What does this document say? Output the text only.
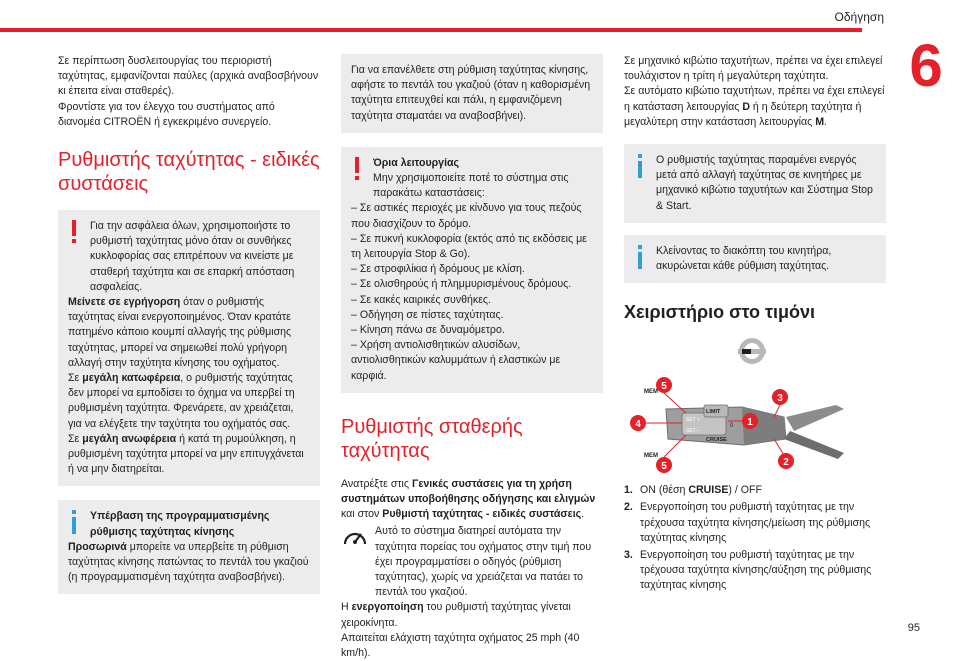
Οδήγηση
6

Σε περίπτωση δυσλειτουργίας του περιοριστή ταχύτητας, εμφανίζονται παύλες (αρχικά αναβοσβήνουν κι έπειτα είναι σταθερές).

Φροντίστε για τον έλεγχο του συστήματος από διανομέα CITROËN ή εγκεκριμένο συνεργείο.

Ρυθμιστής ταχύτητας - ειδικές συστάσεις

Για την ασφάλεια όλων, χρησιμοποιήστε το ρυθμιστή ταχύτητας μόνο όταν οι συνθήκες κυκλοφορίας σας επιτρέπουν να κινείστε με σταθερή ταχύτητα και σε επαρκή απόσταση ασφαλείας.

Μείνετε σε εγρήγορση όταν ο ρυθμιστής ταχύτητας είναι ενεργοποιημένος. Όταν κρατάτε πατημένο κάποιο κουμπί αλλαγής της ρύθμισης ταχύτητας, μπορεί να σημειωθεί πολύ γρήγορη αλλαγή στην ταχύτητα κίνησης του οχήματος.

Σε μεγάλη κατωφέρεια, ο ρυθμιστής ταχύτητας δεν μπορεί να εμποδίσει το όχημα να υπερβεί τη ρυθμισμένη ταχύτητα. Φρενάρετε, αν χρειάζεται, για να ελέγξετε την ταχύτητα του οχήματός σας.

Σε μεγάλη ανωφέρεια ή κατά τη ρυμούλκηση, η ρυθμισμένη ταχύτητα μπορεί να μην επιτυγχάνεται ή να μην διατηρείται.

Υπέρβαση της προγραμματισμένης ρύθμισης ταχύτητας κίνησης

Προσωρινά μπορείτε να υπερβείτε τη ρύθμιση ταχύτητας κίνησης πατώντας το πεντάλ του γκαζιού (η προγραμματισμένη ταχύτητα αναβοσβήνει).

Για να επανέλθετε στη ρύθμιση ταχύτητας κίνησης, αφήστε το πεντάλ του γκαζιού (όταν η καθορισμένη ταχύτητα επιτευχθεί και πάλι, η εμφανιζόμενη ταχύτητα σταματάει να αναβοσβήνει).

Όρια λειτουργίας

Μην χρησιμοποιείτε ποτέ το σύστημα στις παρακάτω καταστάσεις:

– Σε αστικές περιοχές με κίνδυνο για τους πεζούς που διασχίζουν το δρόμο.

– Σε πυκνή κυκλοφορία (εκτός από τις εκδόσεις με τη λειτουργία Stop & Go).

– Σε στροφιλίκια ή δρόμους με κλίση.

– Σε ολισθηρούς ή πλημμυρισμένους δρόμους.

– Σε κακές καιρικές συνθήκες.

– Οδήγηση σε πίστες ταχύτητας.

– Κίνηση πάνω σε δυναμόμετρο.

– Χρήση αντιολισθητικών αλυσίδων, αντιολισθητικών καλυμμάτων ή ελαστικών με καρφιά.

Ρυθμιστής σταθερής ταχύτητας

Ανατρέξτε στις Γενικές συστάσεις για τη χρήση συστημάτων υποβοήθησης οδήγησης και ελιγμών και στον Ρυθμιστή ταχύτητας - ειδικές συστάσεις.

Αυτό το σύστημα διατηρεί αυτόματα την ταχύτητα πορείας του οχήματος στην τιμή που έχει προγραμματίσει ο οδηγός (ρύθμιση ταχύτητας), χωρίς να χρειάζεται να πατάει το πεντάλ του γκαζιού.

Η ενεργοποίηση του ρυθμιστή ταχύτητας γίνεται χειροκίνητα.

Απαιτείται ελάχιστη ταχύτητα οχήματος 25 mph (40 km/h).

Σε μηχανικό κιβώτιο ταχυτήτων, πρέπει να έχει επιλεγεί τουλάχιστον η τρίτη ή μεγαλύτερη ταχύτητα.

Σε αυτόματο κιβώτιο ταχυτήτων, πρέπει να έχει επιλεγεί η κατάσταση λειτουργίας D ή η δεύτερη ταχύτητα ή μεγαλύτερη στην κατάσταση λειτουργίας M.

Ο ρυθμιστής ταχύτητας παραμένει ενεργός μετά από αλλαγή ταχύτητας σε κινητήρες με μηχανικό κιβώτιο ταχυτήτων και Σύστημα Stop & Start.

Κλείνοντας το διακόπτη του κινητήρα, ακυρώνεται κάθε ρύθμιση ταχύτητας.

Χειριστήριο στο τιμόνι
MEM
LIMIT
CRUISE
SET +
SET –
MEM
0 1
2
3
4
5
5
1. ON (θέση CRUISE) / OFF
2. Ενεργοποίηση του ρυθμιστή ταχύτητας με την τρέχουσα ταχύτητα κίνησης/μείωση της ρύθμισης ταχύτητας κίνησης
3. Ενεργοποίηση του ρυθμιστή ταχύτητας με την τρέχουσα ταχύτητα κίνησης/αύξηση της ρύθμισης ταχύτητας κίνησης
95
